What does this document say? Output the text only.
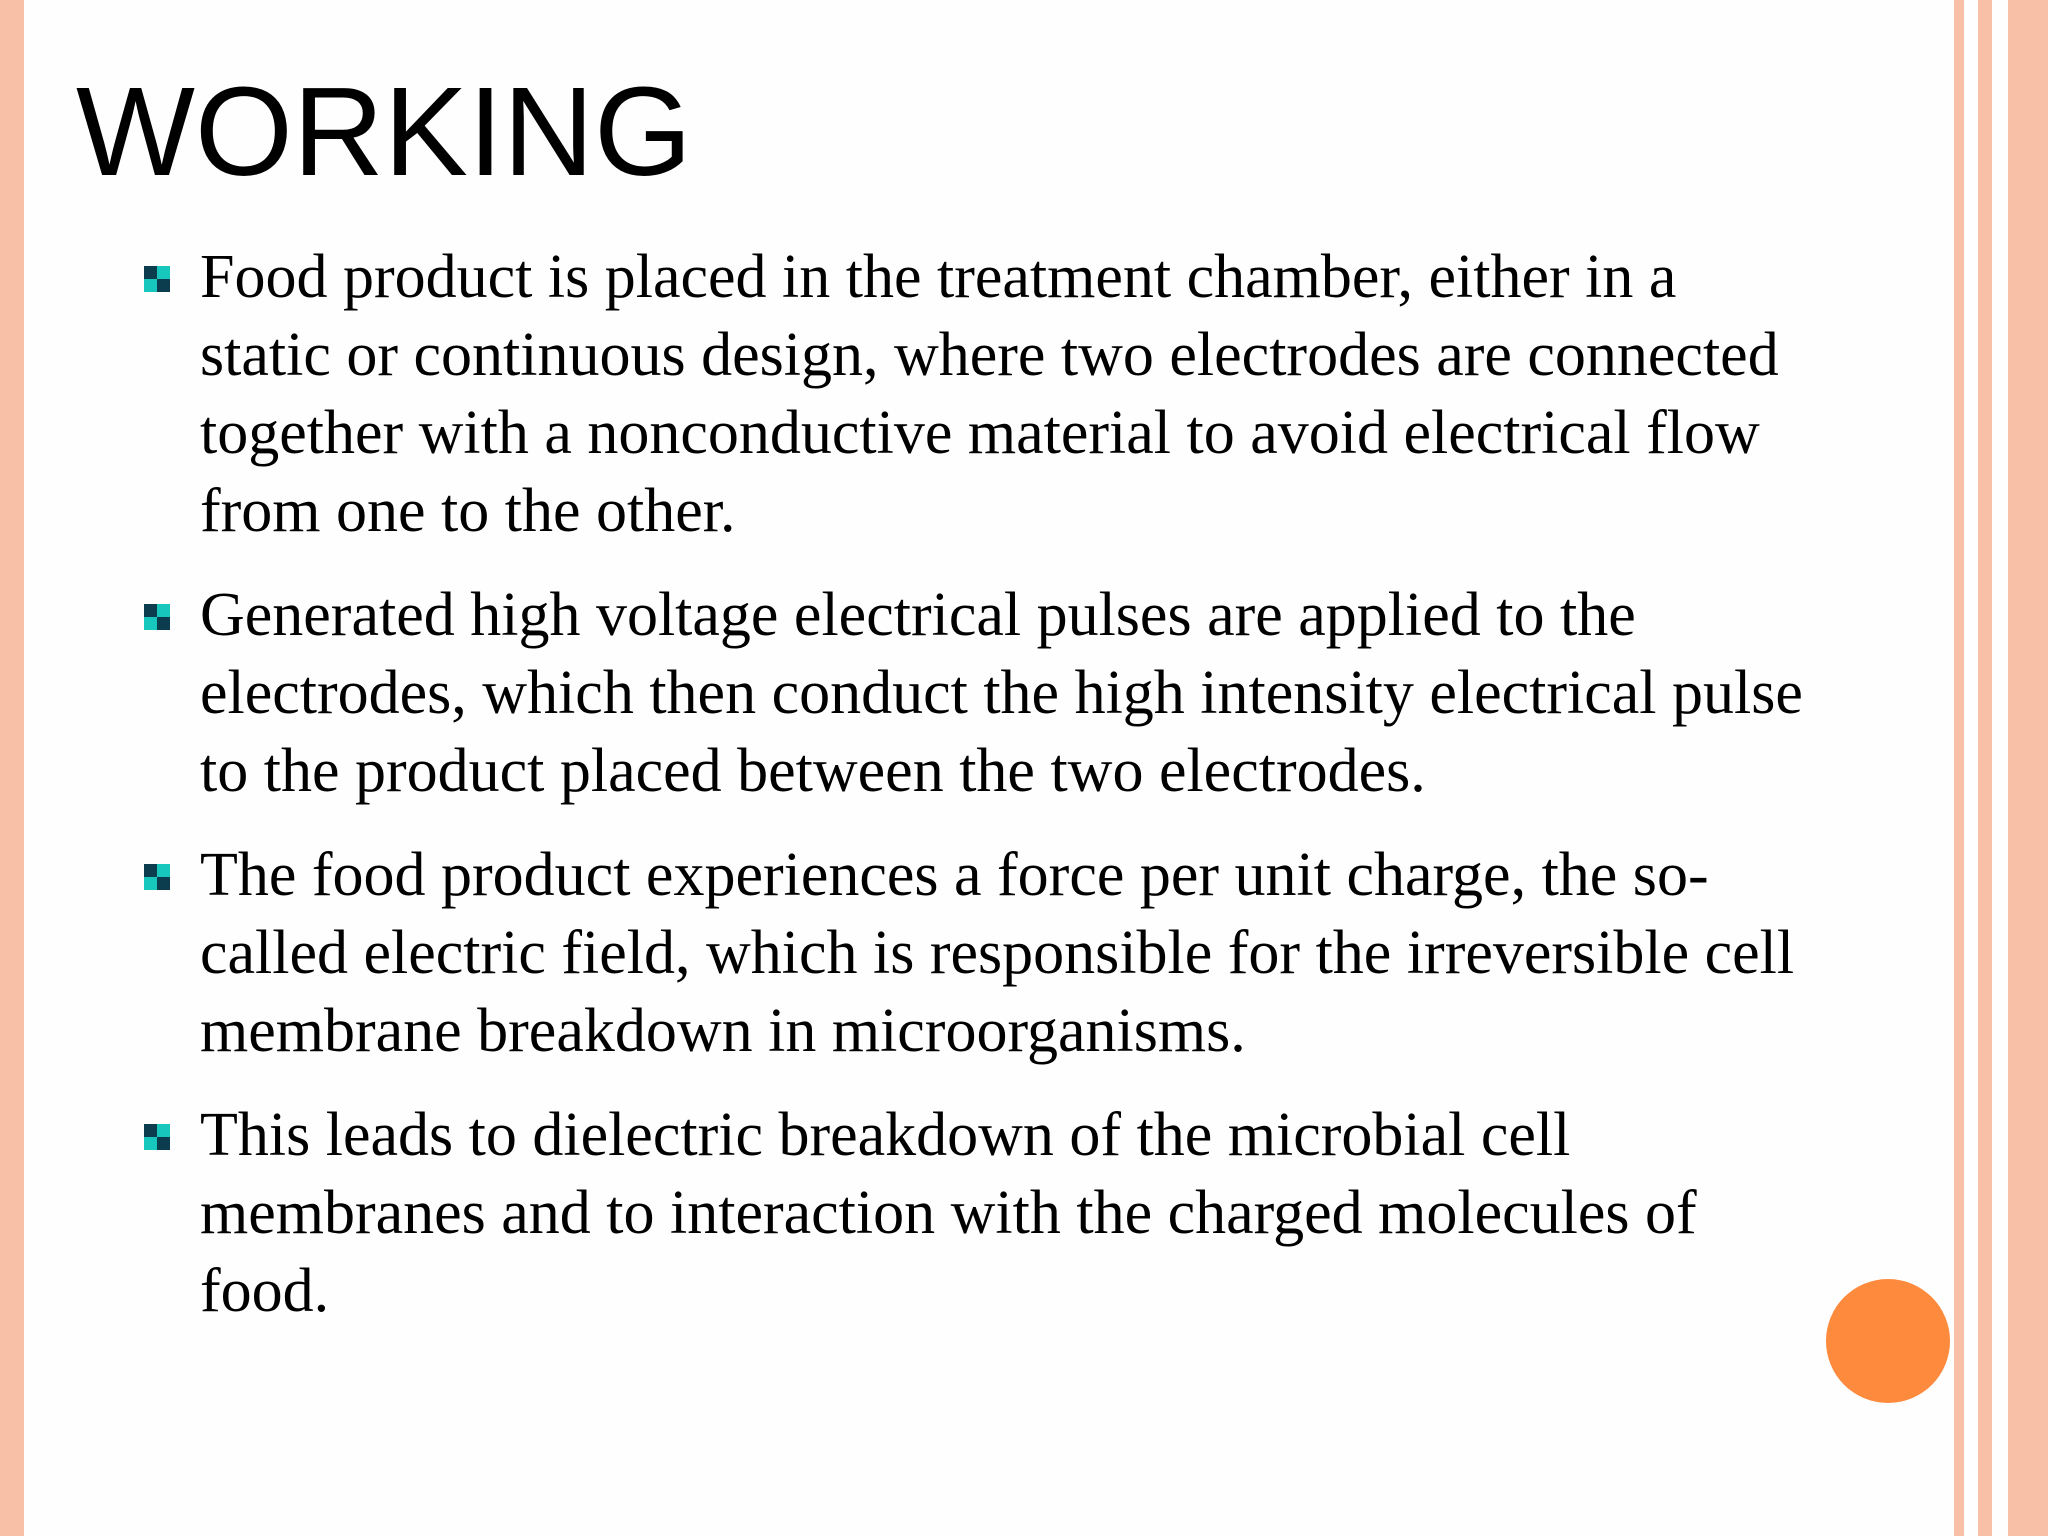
WORKING
Food product is placed in the treatment chamber, either in a static or continuous design, where two electrodes are connected together with a nonconductive material to avoid electrical flow from one to the other.
Generated high voltage electrical pulses are applied to the electrodes, which then conduct the high intensity electrical pulse to the product placed between the two electrodes.
The food product experiences a force per unit charge, the so-called electric field, which is responsible for the irreversible cell membrane breakdown in microorganisms.
This leads to dielectric breakdown of the microbial cell membranes and to interaction with the charged molecules of food.
